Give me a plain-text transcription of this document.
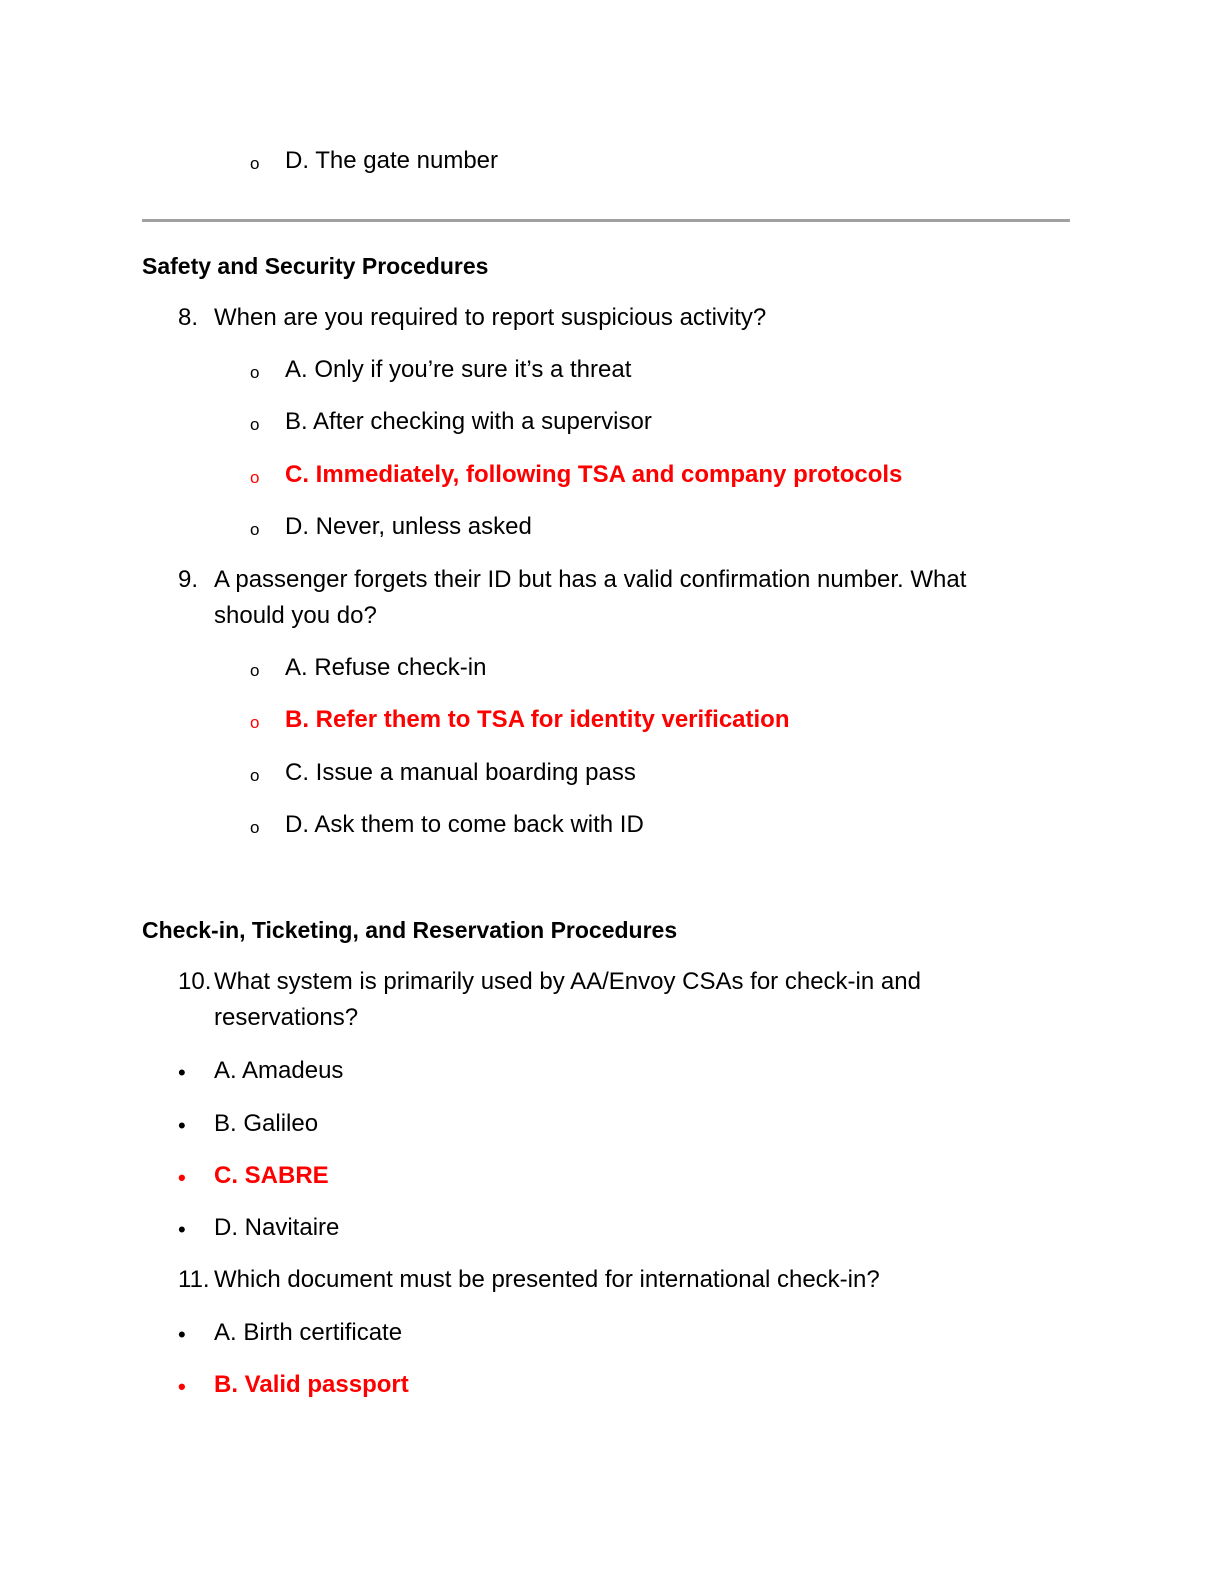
o D. The gate number
Safety and Security Procedures
8. When are you required to report suspicious activity?
o A. Only if you’re sure it’s a threat
o B. After checking with a supervisor
o C. Immediately, following TSA and company protocols
o D. Never, unless asked
9. A passenger forgets their ID but has a valid confirmation number. What should you do?
o A. Refuse check-in
o B. Refer them to TSA for identity verification
o C. Issue a manual boarding pass
o D. Ask them to come back with ID
Check-in, Ticketing, and Reservation Procedures
10. What system is primarily used by AA/Envoy CSAs for check-in and reservations?
• A. Amadeus
• B. Galileo
• C. SABRE
• D. Navitaire
11. Which document must be presented for international check-in?
• A. Birth certificate
• B. Valid passport
